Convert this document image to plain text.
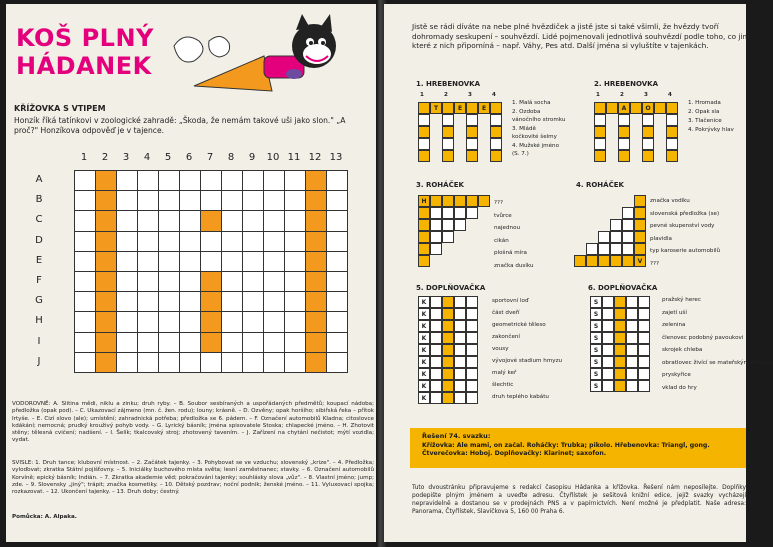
KOŠ PLNÝ
HÁDANEK
KŘÍŽOVKA S VTIPEM
Honzík říká tatínkovi v zoologické zahradě: „Škoda, že nemám takové uši jako slon." „A proč?" Honzíkova odpověď je v tajence.
1	2	3	4	5	6	7	8	9	10 11 12 13
A
B
C
D
E
F
G
H
I
J
VODOROVNĚ: A. Slitina mědi, niklu a zinku; druh ryby. – B. Soubor sesbíraných a uspořádaných předmětů; koupací nádoba; předložka (opak pod). – C. Ukazovací zájmeno (mn. č. žen. rodu); louny; krásně. – D. Ozvěny; opak horšího; sibiřská řeka – přítok Irtyše. – E. Cizí slovo (ale); umístění; zahradnická potřeba; předložka se 6. pádem. – F. Označení automobilů Kladna; citoslovce kdákání; nemocná; prudký krouživý pohyb vody. – G. Lyrický básník; jména spisovatele Stoska; chlapecké jméno. – H. Zhotovit stěny; tělesná cvičení; nadšení. – I. Šelík; tkalcovský stroj; zhotovený tavením. – J. Zařízení na chytání nečistot; mýtí vozidla; vydat.
SVISLE: 1. Druh tance; klubovní místnost. – 2. Začátek tajenky. – 3. Pohybovat se ve vzduchu; slovenský „krize". – 4. Předložka; vyloďovat; zkratka Státní pojišťovny. – 5. Iniciálky buchového místa světa; lesní zaměstnanec; stavky. – 6. Označení automobilů Korvíně; epický básník; Indián. – 7. Zkratka akademie věd; pokračování tajenky; souhlásky slova „vůz". – 8. Vlastní jméno; jump; zde. – 9. Slovensky „jiný"; trápit; značka kosmetiky. – 10. Dětský pozdrav; noční podnik; ženské jméno. – 11. Vyluxovací spojka; rozkazovat. – 12. Ukončení tajenky. – 13. Druh doby; čestný.
Pomůcka: A. Alpaka.
Jistě se rádi díváte na nebe plné hvězdiček a jistě jste si také všimli, že hvězdy tvoří dohromady seskupení – souhvězdí. Lidé pojmenovali jednotlivá souhvězdí podle toho, co jim které z nich připomíná – např. Váhy, Pes atd. Další jména si vyluštíte v tajenkách.
1. HREBENOVKA
T	E	E
1	2	3	4
1. Malá socha
2. Ozdoba
vánočního stromku
3. Mládě
kočkovité šelmy
4. Mužské jméno
(S. 7.)
2. HREBENOVKA
A	O
1	2	3	4
1. Hromada
2. Opak sla
3. Tlačenice
4. Pokrývky hlav
3. ROHÁČEK
H	???
tvůrce
najednou
cikán
plošná míra
značka dusíku
4. ROHÁČEK
V
značka vodíku
slovenská předložka (se)
pevné skupenství vody
plavidla
typ karoserie automobilů
???
5. DOPLŇOVAČKA
K
K
K
K
K
K
K
K
K
sportovní loď
část dveří
geometrické těleso
zakončení
vousy
vývojové stadium hmyzu
malý keř
šlechtic
druh teplého kabátu
6. DOPLŇOVAČKA
S
S
S
S
S
S
S
S
pražský herec
zajetí uší
zelenina
členovec podobný pavoukovi
skrojek chleba
obratlovec živící se mateřským mlékem
pryskyřice
vklad do hry
Řešení 74. svazku:
Křížovka: Ale mami, on začal. Roháčky: Trubka; pikolo. Hřebenovka: Triangl, gong. Čtverečovka: Hoboj. Doplňovačky: Klarinet; saxofon.
Tuto dvoustránku připravujeme s redakcí časopisu Hádanka a křížovka. Řešení nám neposílejte. Doplňky podepište plným jménem a uveďte adresu. Čtyřlístek je sešitová knižní edice, jejíž svazky vycházejí nepravidelně a dostanou se v prodejnách PNS a v papírnictvích. Není možné je předplatit. Naše adresa: Panorama, Čtyřlístek, Slavíčkova 5, 160 00 Praha 6.
